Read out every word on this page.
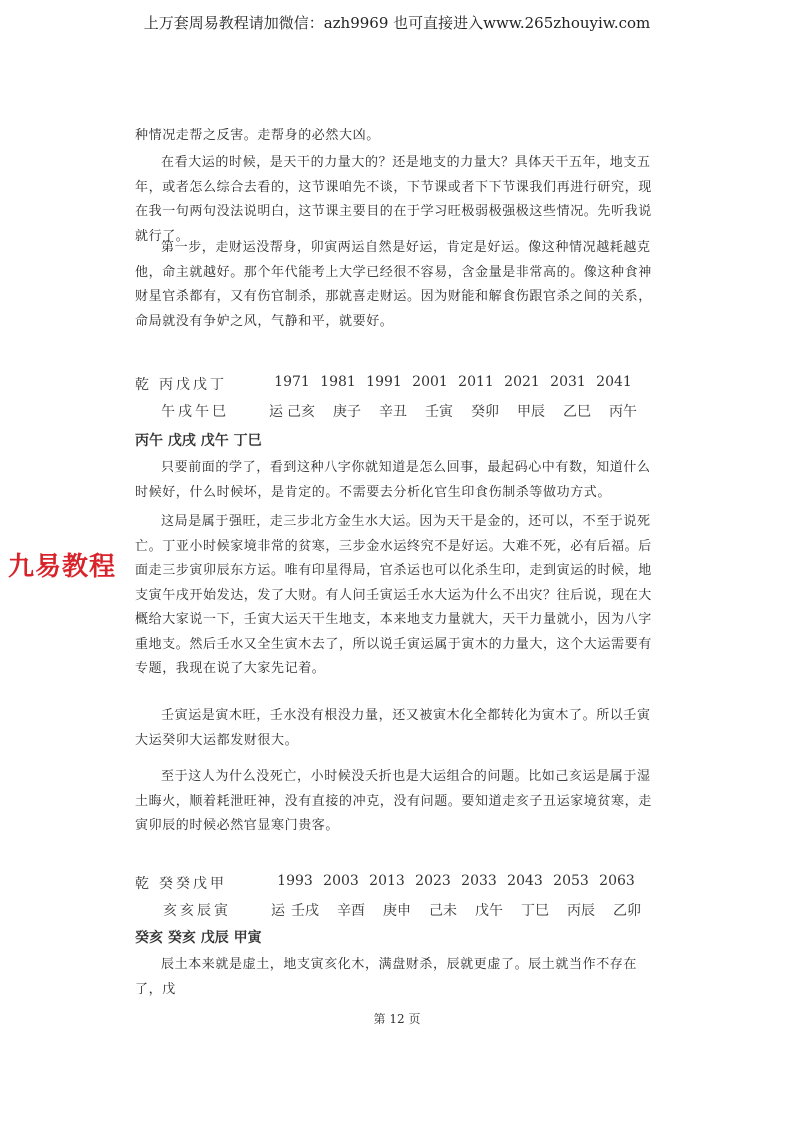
上万套周易教程请加微信：azh9969 也可直接进入www.265zhouyiw.com

种情况走帮之反害。走帮身的必然大凶。

在看大运的时候，是天干的力量大的？还是地支的力量大？具体天干五年，地支五年，或者怎么综合去看的，这节课咱先不谈，下节课或者下下节课我们再进行研究，现在我一句两句没法说明白，这节课主要目的在于学习旺极弱极强极这些情况。先听我说就行了。

第一步，走财运没帮身，卯寅两运自然是好运，肯定是好运。像这种情况越耗越克他，命主就越好。那个年代能考上大学已经很不容易，含金量是非常高的。像这种食神财星官杀都有，又有伤官制杀，那就喜走财运。因为财能和解食伤跟官杀之间的关系，命局就没有争妒之风，气静和平，就要好。

乾 丙戊戊丁	1971 1981 1991 2001 2011 2021 2031 2041
午戌午巳	运 己亥	庚子	辛丑	壬寅	癸卯	甲辰	乙巳	丙午
丙午 戊戌 戊午 丁巳

只要前面的学了，看到这种八字你就知道是怎么回事，最起码心中有数，知道什么时候好，什么时候坏，是肯定的。不需要去分析化官生印食伤制杀等做功方式。

这局是属于强旺，走三步北方金生水大运。因为天干是金的，还可以，不至于说死亡。丁亚小时候家境非常的贫寒，三步金水运终究不是好运。大难不死，必有后福。后面走三步寅卯辰东方运。唯有印星得局，官杀运也可以化杀生印，走到寅运的时候，地支寅午戌开始发达，发了大财。有人问壬寅运壬水大运为什么不出灾？往后说，现在大概给大家说一下，壬寅大运天干生地支，本来地支力量就大，天干力量就小，因为八字重地支。然后壬水又全生寅木去了，所以说壬寅运属于寅木的力量大，这个大运需要有专题，我现在说了大家先记着。

壬寅运是寅木旺，壬水没有根没力量，还又被寅木化全都转化为寅木了。所以壬寅大运癸卯大运都发财很大。

至于这人为什么没死亡，小时候没夭折也是大运组合的问题。比如己亥运是属于湿土晦火，顺着耗泄旺神，没有直接的冲克，没有问题。要知道走亥子丑运家境贫寒，走寅卯辰的时候必然官显寒门贵客。

乾 癸癸戊甲	1993 2003 2013 2023 2033 2043 2053 2063
亥亥辰寅	运 壬戌	辛酉	庚申	己未	戊午	丁巳	丙辰	乙卯
癸亥 癸亥 戊辰 甲寅

辰土本来就是虚土，地支寅亥化木，满盘财杀，辰就更虚了。辰土就当作不存在了，戊

九易教程
第 12 页
